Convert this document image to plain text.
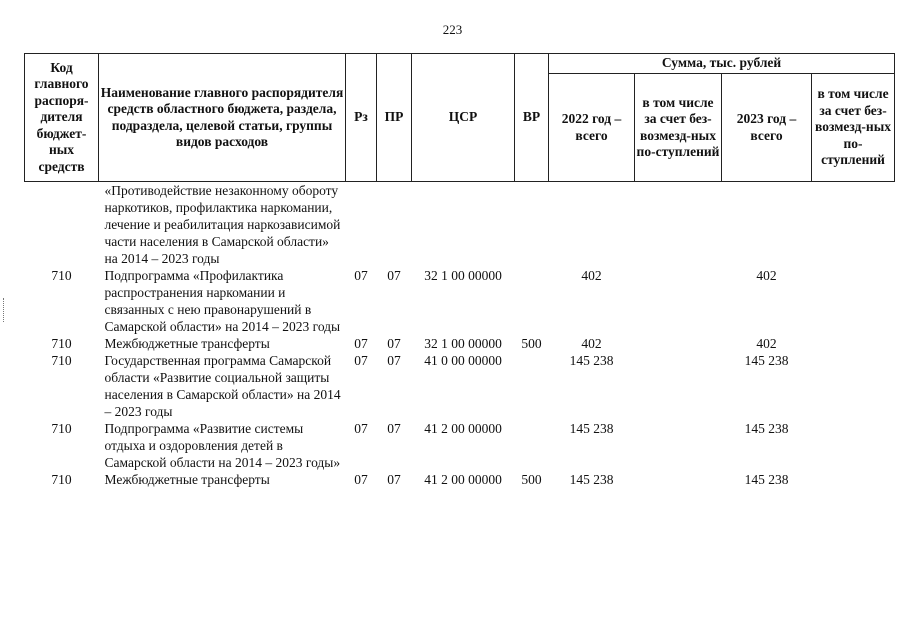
223
Код главного распоря-дителя бюджет-ных средств	Наименование главного распорядителя средств областного бюджета, раздела, подраздела, целевой статьи, группы видов расходов	Рз	ПР	ЦСР	ВР	Сумма, тыс. рублей			
						2022 год – всего	в том числе за счет без-возмезд-ных по-ступлений	2023 год – всего	в том числе за счет без-возмезд-ных по-ступлений
	«Противодействие незаконному обороту наркотиков, профилактика наркомании, лечение и реабилитация наркозависимой части населения в Самарской области» на 2014 – 2023 годы								
710	Подпрограмма «Профилактика распространения наркомании и связанных с нею правонарушений в Самарской области» на 2014 – 2023 годы	07	07	32 1 00 00000		402		402	
710	Межбюджетные трансферты	07	07	32 1 00 00000	500	402		402	
710	Государственная программа Самарской области «Развитие социальной защиты населения в Самарской области» на 2014 – 2023 годы	07	07	41 0 00 00000		145 238		145 238	
710	Подпрограмма «Развитие системы отдыха и оздоровления детей в Самарской области на 2014 – 2023 годы»	07	07	41 2 00 00000		145 238		145 238	
710	Межбюджетные трансферты	07	07	41 2 00 00000	500	145 238		145 238	
